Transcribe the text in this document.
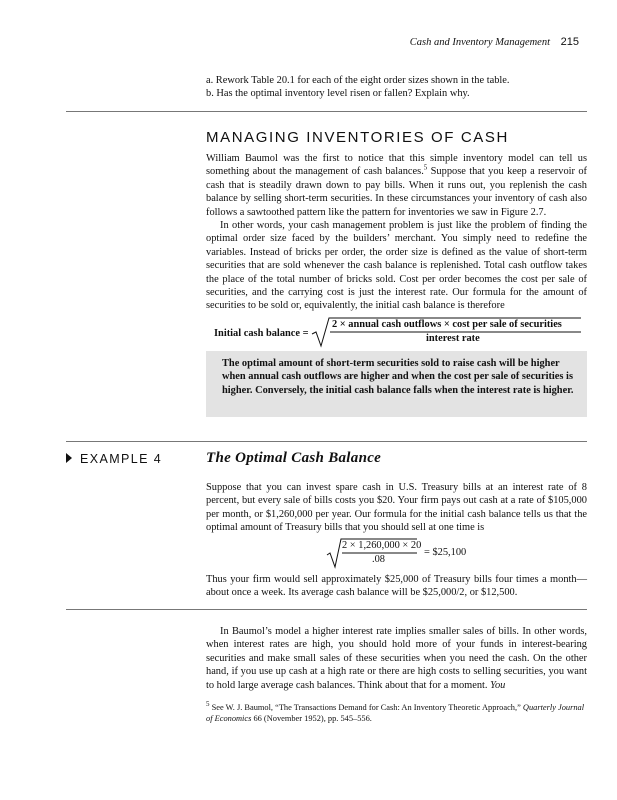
Cash and Inventory Management 215

a. Rework Table 20.1 for each of the eight order sizes shown in the table.

b. Has the optimal inventory level risen or fallen? Explain why.

MANAGING INVENTORIES OF CASH

William Baumol was the first to notice that this simple inventory model can tell us something about the management of cash balances.$^5$ Suppose that you keep a reservoir of cash that is steadily drawn down to pay bills. When it runs out, you replenish the cash balance by selling short-term securities. In these circumstances your inventory of cash also follows a sawtoothed pattern like the pattern for inventories we saw in Figure 2.7.

In other words, your cash management problem is just like the problem of finding the optimal order size faced by the builders’ merchant. You simply need to redefine the variables. Instead of bricks per order, the order size is defined as the value of short-term securities that are sold whenever the cash balance is replenished. Total cash outflow takes the place of the total number of bricks sold. Cost per order becomes the cost per sale of securities, and the carrying cost is just the interest rate. Our formula for the amount of securities to be sold or, equivalently, the initial cash balance is therefore

Initial cash balance =
2 × annual cash outflows × cost per sale of securities
interest rate

The optimal amount of short-term securities sold to raise cash will be higher when annual cash outflows are higher and when the cost per sale of securities is higher. Conversely, the initial cash balance falls when the interest rate is higher.

EXAMPLE 4	The Optimal Cash Balance

Suppose that you can invest spare cash in U.S. Treasury bills at an interest rate of 8 percent, but every sale of bills costs you $20. Your firm pays out cash at a rate of $105,000 per month, or $1,260,000 per year. Our formula for the initial cash balance tells us that the optimal amount of Treasury bills that you should sell at one time is

2 × 1,260,000 × 20
.08
= $25,100

Thus your firm would sell approximately $25,000 of Treasury bills four times a month—about once a week. Its average cash balance will be $25,000/2, or $12,500.

In Baumol’s model a higher interest rate implies smaller sales of bills. In other words, when interest rates are high, you should hold more of your funds in interest-bearing securities and make small sales of these securities when you need the cash. On the other hand, if you use up cash at a high rate or there are high costs to selling securities, you want to hold large average cash balances. Think about that for a moment. You

$^5$ See W. J. Baumol, “The Transactions Demand for Cash: An Inventory Theoretic Approach,” Quarterly Journal of Economics 66 (November 1952), pp. 545–556.
